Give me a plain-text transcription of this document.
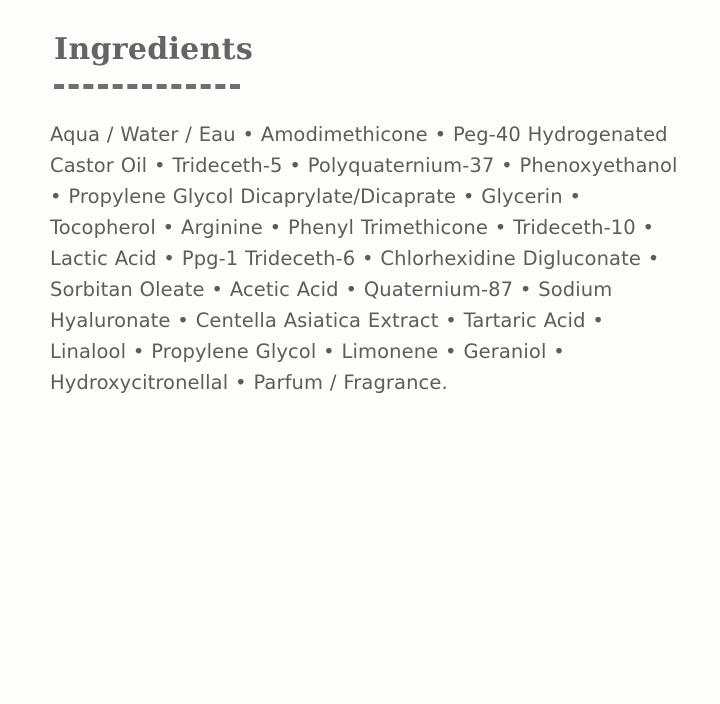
Ingredients

Aqua / Water / Eau • Amodimethicone • Peg-40 Hydrogenated Castor Oil • Trideceth-5 • Polyquaternium-37 • Phenoxyethanol • Propylene Glycol Dicaprylate/Dicaprate • Glycerin • Tocopherol • Arginine • Phenyl Trimethicone • Trideceth-10 • Lactic Acid • Ppg-1 Trideceth-6 • Chlorhexidine Digluconate • Sorbitan Oleate • Acetic Acid • Quaternium-87 • Sodium Hyaluronate • Centella Asiatica Extract • Tartaric Acid • Linalool • Propylene Glycol • Limonene • Geraniol • Hydroxycitronellal • Parfum / Fragrance.
